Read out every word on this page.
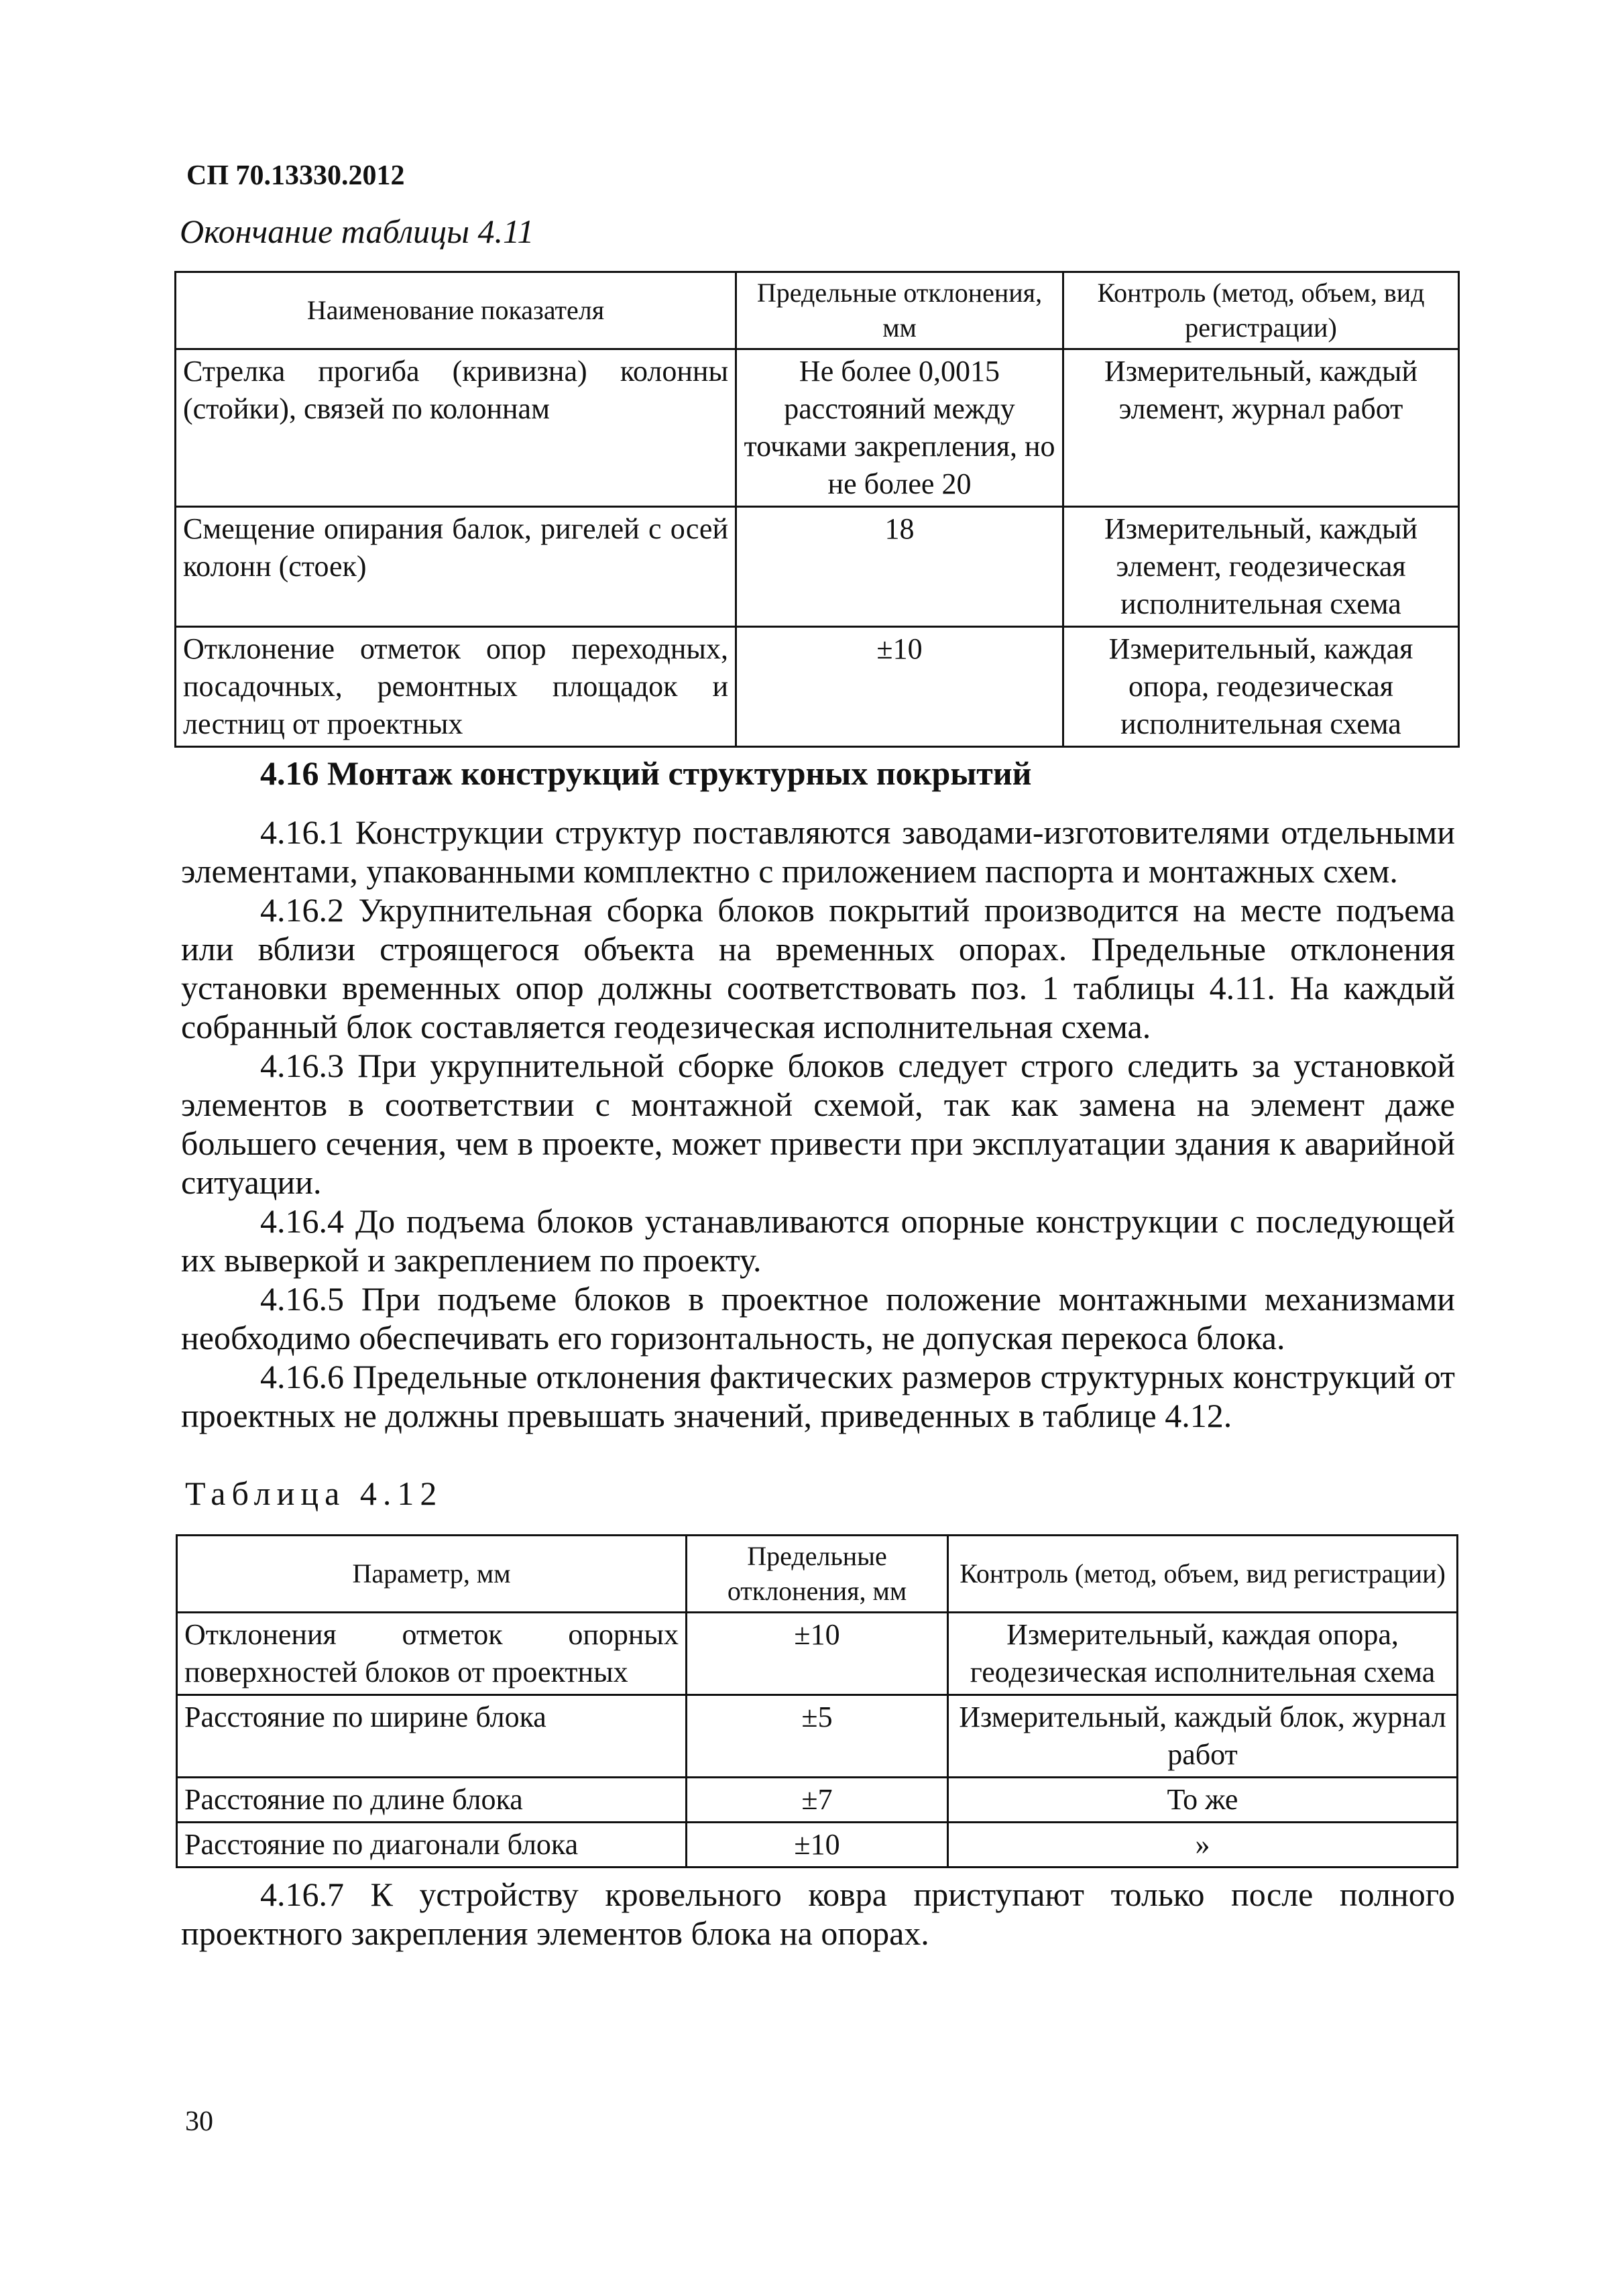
СП 70.13330.2012
Окончание таблицы 4.11
Наименование показателя	Предельные отклонения, мм	Контроль (метод, объем, вид регистрации)
Стрелка прогиба (кривизна) колонны (стойки), связей по колоннам	Не более 0,0015 расстояний между точками закрепления, но не более 20	Измерительный, каждый элемент, журнал работ
Смещение опирания балок, ригелей с осей колонн (стоек)	18	Измерительный, каждый элемент, геодезическая исполнительная схема
Отклонение отметок опор переходных, посадочных, ремонтных площадок и лестниц от проектных	±10	Измерительный, каждая опора, геодезическая исполнительная схема
4.16 Монтаж конструкций структурных покрытий

4.16.1 Конструкции структур поставляются заводами-изготовителями отдельными элементами, упакованными комплектно с приложением паспорта и монтажных схем.

4.16.2 Укрупнительная сборка блоков покрытий производится на месте подъема или вблизи строящегося объекта на временных опорах. Предельные отклонения установки временных опор должны соответствовать поз. 1 таблицы 4.11. На каждый собранный блок составляется геодезическая исполнительная схема.

4.16.3 При укрупнительной сборке блоков следует строго следить за установкой элементов в соответствии с монтажной схемой, так как замена на элемент даже большего сечения, чем в проекте, может привести при эксплуатации здания к аварийной ситуации.

4.16.4 До подъема блоков устанавливаются опорные конструкции с последующей их выверкой и закреплением по проекту.

4.16.5 При подъеме блоков в проектное положение монтажными механизмами необходимо обеспечивать его горизонтальность, не допуская перекоса блока.

4.16.6 Предельные отклонения фактических размеров структурных конструкций от проектных не должны превышать значений, приведенных в таблице 4.12.

Таблица 4.12
Параметр, мм	Предельные отклонения, мм	Контроль (метод, объем, вид регистрации)
Отклонения отметок опорных поверхностей блоков от проектных	±10	Измерительный, каждая опора, геодезическая исполнительная схема
Расстояние по ширине блока	±5	Измерительный, каждый блок, журнал работ
Расстояние по длине блока	±7	То же
Расстояние по диагонали блока	±10	»

4.16.7 К устройству кровельного ковра приступают только после полного проектного закрепления элементов блока на опорах.

30
